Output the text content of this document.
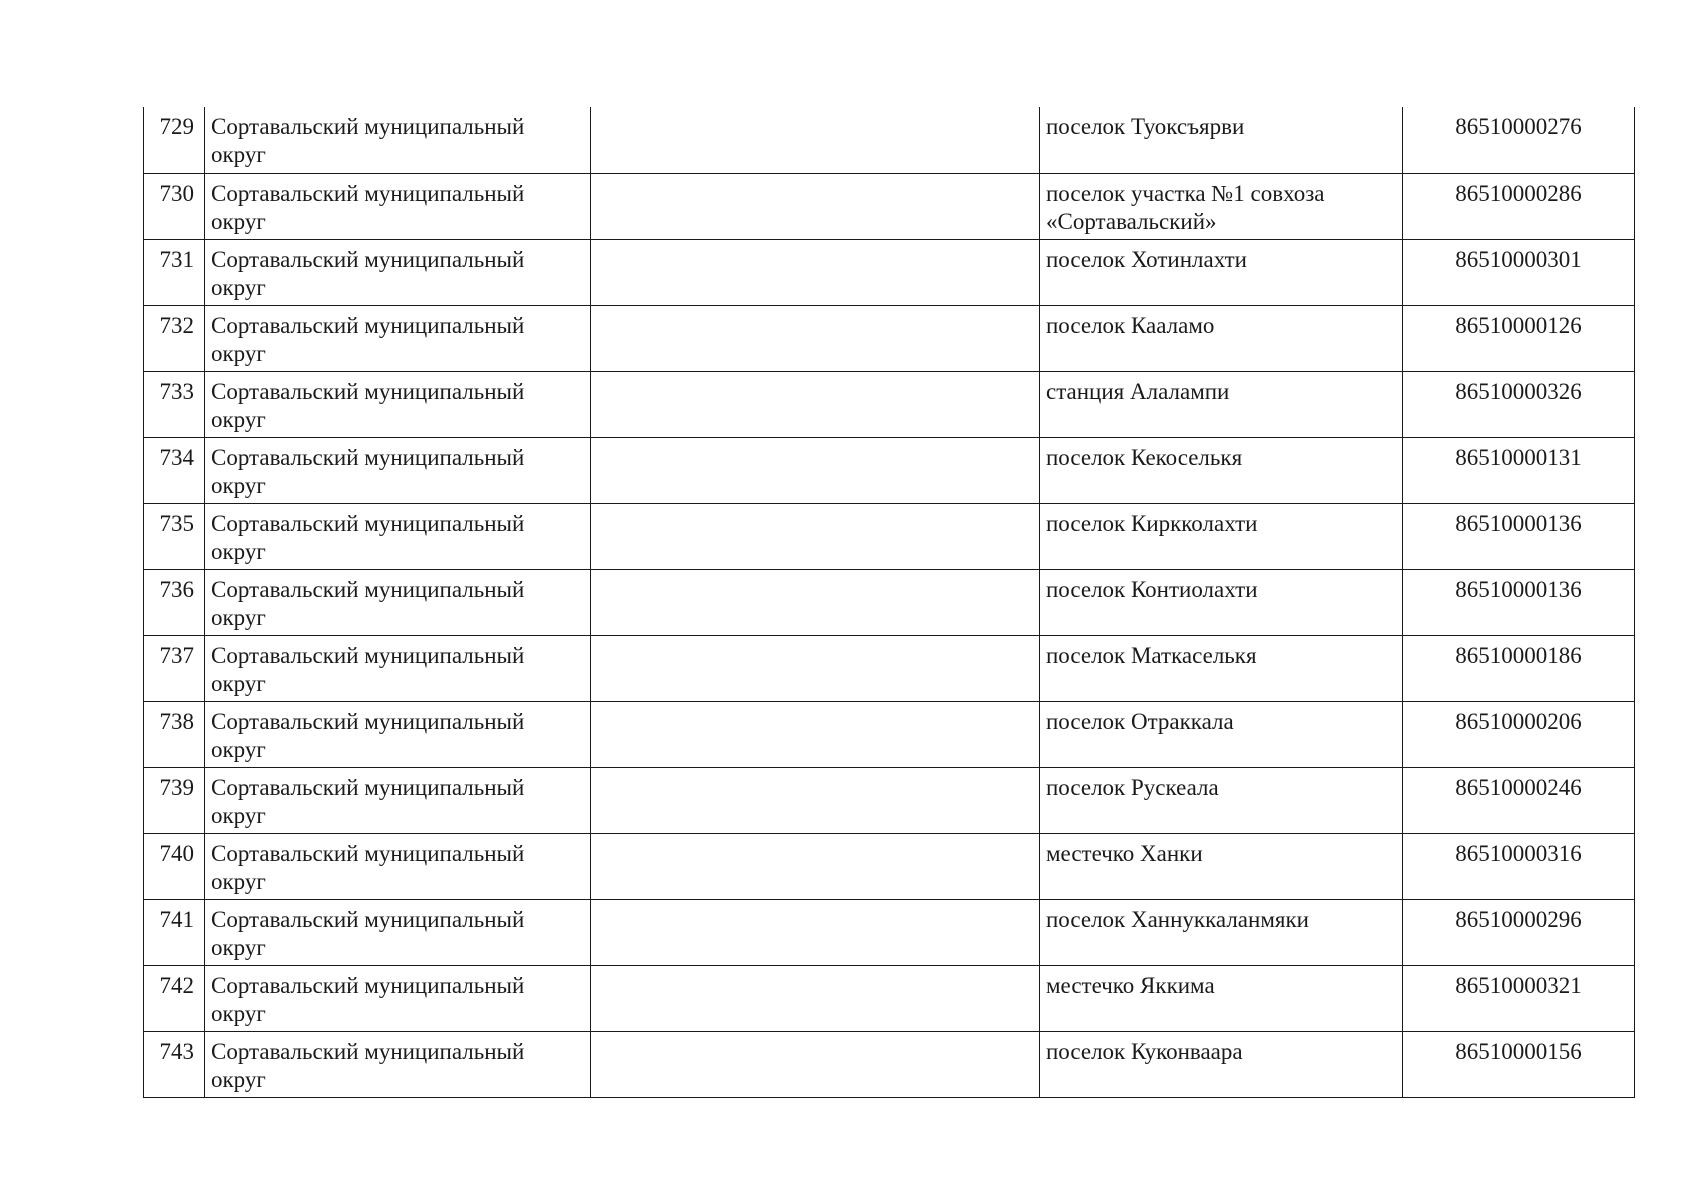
729	Сортавальский муниципальный округ		поселок Туоксъярви	86510000276
730	Сортавальский муниципальный округ		поселок участка №1 совхоза «Сортавальский»	86510000286
731	Сортавальский муниципальный округ		поселок Хотинлахти	86510000301
732	Сортавальский муниципальный округ		поселок Кааламо	86510000126
733	Сортавальский муниципальный округ		станция Алалампи	86510000326
734	Сортавальский муниципальный округ		поселок Кекоселькя	86510000131
735	Сортавальский муниципальный округ		поселок Киркколахти	86510000136
736	Сортавальский муниципальный округ		поселок Контиолахти	86510000136
737	Сортавальский муниципальный округ		поселок Маткаселькя	86510000186
738	Сортавальский муниципальный округ		поселок Отраккала	86510000206
739	Сортавальский муниципальный округ		поселок Рускеала	86510000246
740	Сортавальский муниципальный округ		местечко Ханки	86510000316
741	Сортавальский муниципальный округ		поселок Ханнуккаланмяки	86510000296
742	Сортавальский муниципальный округ		местечко Яккима	86510000321
743	Сортавальский муниципальный округ		поселок Куконваара	86510000156
